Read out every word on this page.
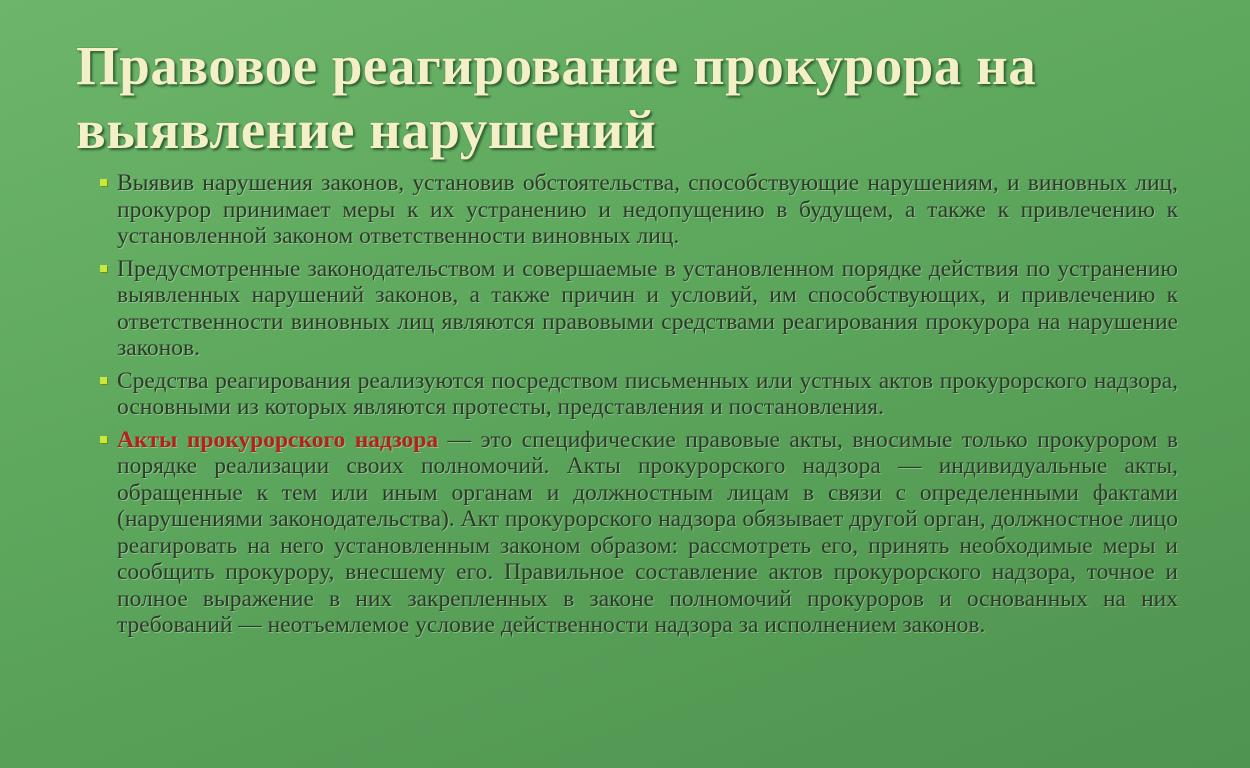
Правовое реагирование прокурора на выявление нарушений
Выявив нарушения законов, установив обстоятельства, способствующие нарушениям, и виновных лиц, прокурор принимает меры к их устранению и недопущению в будущем, а также к привлечению к установленной законом ответственности виновных лиц.
Предусмотренные законодательством и совершаемые в установленном порядке действия по устранению выявленных нарушений законов, а также причин и условий, им способствующих, и привлечению к ответственности виновных лиц являются правовыми средствами реагирования прокурора на нарушение законов.
Средства реагирования реализуются посредством письменных или устных актов прокурорского надзора, основными из которых являются протесты, представления и постановления.
Акты прокурорского надзора — это специфические правовые акты, вносимые только прокурором в порядке реализации своих полномочий. Акты прокурорского надзора — индивидуальные акты, обращенные к тем или иным органам и должностным лицам в связи с определенными фактами (нарушениями законодательства). Акт прокурорского надзора обязывает другой орган, должностное лицо реагировать на него установленным законом образом: рассмотреть его, принять необходимые меры и сообщить прокурору, внесшему его. Правильное составление актов прокурорского надзора, точное и полное выражение в них закрепленных в законе полномочий прокуроров и основанных на них требований — неотъемлемое условие действенности надзора за исполнением законов.
